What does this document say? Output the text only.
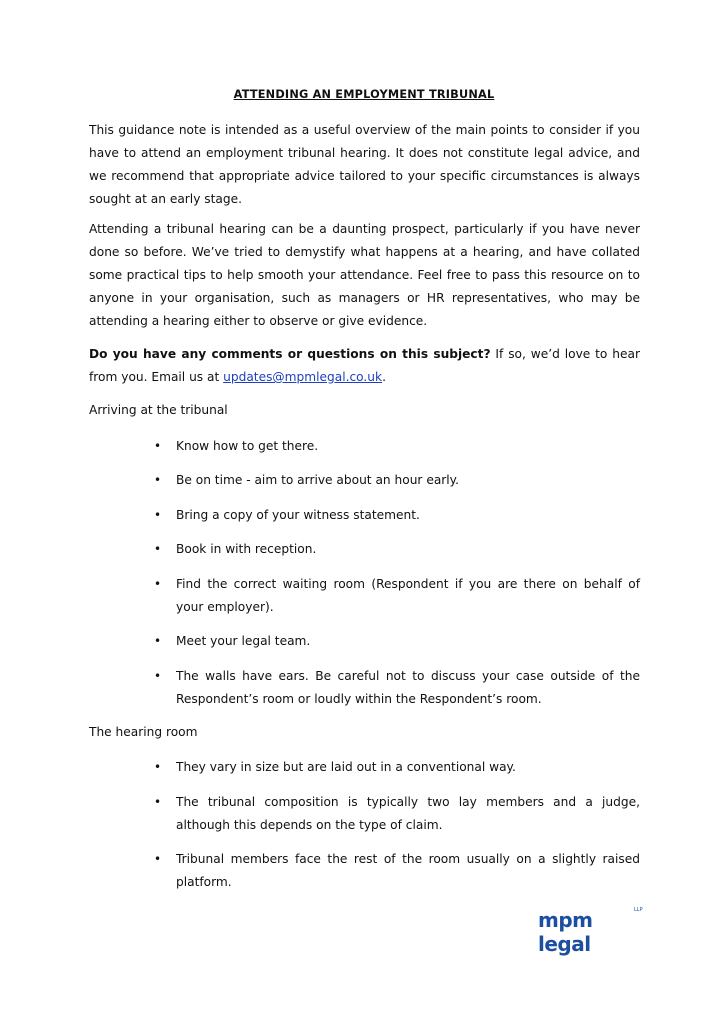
ATTENDING AN EMPLOYMENT TRIBUNAL

This guidance note is intended as a useful overview of the main points to consider if you have to attend an employment tribunal hearing. It does not constitute legal advice, and we recommend that appropriate advice tailored to your specific circumstances is always sought at an early stage.

Attending a tribunal hearing can be a daunting prospect, particularly if you have never done so before. We’ve tried to demystify what happens at a hearing, and have collated some practical tips to help smooth your attendance. Feel free to pass this resource on to anyone in your organisation, such as managers or HR representatives, who may be attending a hearing either to observe or give evidence.

Do you have any comments or questions on this subject? If so, we’d love to hear from you. Email us at updates@mpmlegal.co.uk.

Arriving at the tribunal

• Know how to get there.

• Be on time - aim to arrive about an hour early.

• Bring a copy of your witness statement.

• Book in with reception.

• Find the correct waiting room (Respondent if you are there on behalf of your employer).

• Meet your legal team.

• The walls have ears. Be careful not to discuss your case outside of the Respondent’s room or loudly within the Respondent’s room.

The hearing room

• They vary in size but are laid out in a conventional way.

• The tribunal composition is typically two lay members and a judge, although this depends on the type of claim.

• Tribunal members face the rest of the room usually on a slightly raised platform.

mpm legal
LLP
